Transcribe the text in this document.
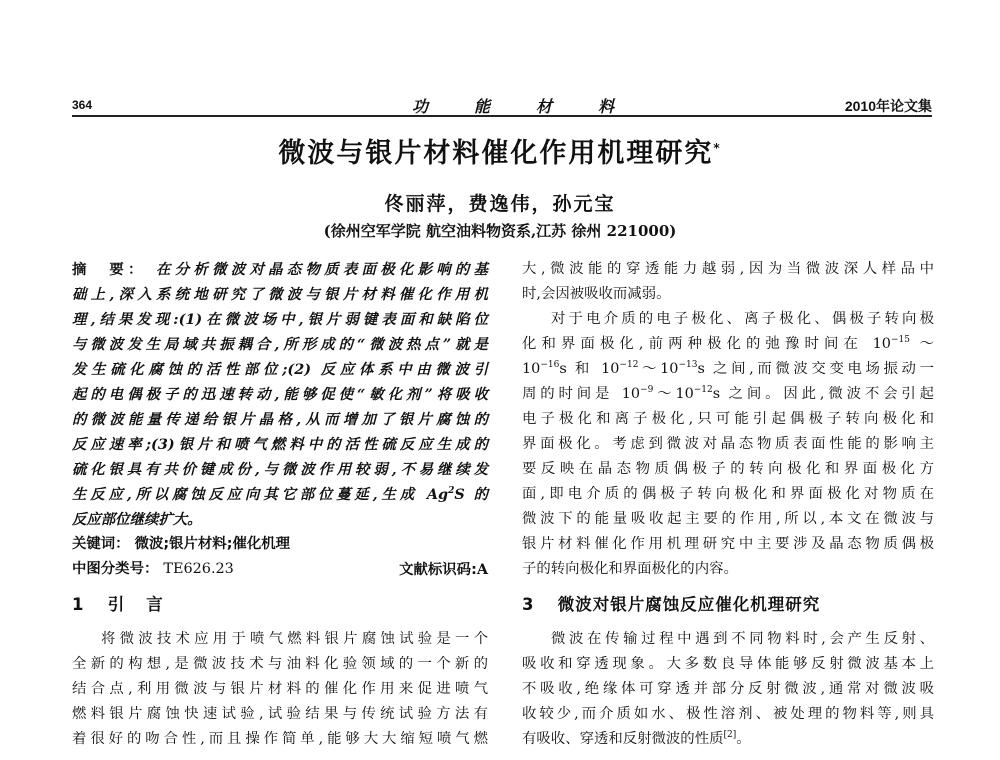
364	功能材料	2010年论文集
微波与银片材料催化作用机理研究*
佟丽萍，费逸伟，孙元宝
(徐州空军学院 航空油料物资系,江苏 徐州 221000)
摘　要： 在分析微波对晶态物质表面极化影响的基
础上,深入系统地研究了微波与银片材料催化作用机
理,结果发现:(1)在微波场中,银片弱键表面和缺陷位
与微波发生局域共振耦合,所形成的“微波热点”就是
发生硫化腐蚀的活性部位;(2) 反应体系中由微波引
起的电偶极子的迅速转动,能够促使“敏化剂”将吸收
的微波能量传递给银片晶格,从而增加了银片腐蚀的
反应速率;(3)银片和喷气燃料中的活性硫反应生成的
硫化银具有共价键成份,与微波作用较弱,不易继续发
生反应,所以腐蚀反应向其它部位蔓延,生成 Ag$^2$S 的
反应部位继续扩大。
关键词： 微波;银片材料;催化机理
中图分类号： TE626.23	文献标识码:A
1 引言
将微波技术应用于喷气燃料银片腐蚀试验是一个
全新的构想,是微波技术与油料化验领域的一个新的
结合点,利用微波与银片材料的催化作用来促进喷气
燃料银片腐蚀快速试验,试验结果与传统试验方法有
着很好的吻合性,而且操作简单,能够大大缩短喷气燃
大,微波能的穿透能力越弱,因为当微波深人样品中
时,会因被吸收而减弱。
对于电介质的电子极化、离子极化、偶极子转向极
化和界面极化,前两种极化的弛豫时间在 $10^{-15}$ ～
$10^{-16}s$ 和 $10^{-12}\sim 10^{-13}s$ 之间,而微波交变电场振动一
周的时间是 $10^{-9}\sim 10^{-12}s$ 之间。因此,微波不会引起
电子极化和离子极化,只可能引起偶极子转向极化和
界面极化。考虑到微波对晶态物质表面性能的影响主
要反映在晶态物质偶极子的转向极化和界面极化方
面,即电介质的偶极子转向极化和界面极化对物质在
微波下的能量吸收起主要的作用,所以,本文在微波与
银片材料催化作用机理研究中主要涉及晶态物质偶极
子的转向极化和界面极化的内容。
3 微波对银片腐蚀反应催化机理研究
微波在传输过程中遇到不同物料时,会产生反射、
吸收和穿透现象。大多数良导体能够反射微波基本上
不吸收,绝缘体可穿透并部分反射微波,通常对微波吸
收较少,而介质如水、极性溶剂、被处理的物料等,则具
有吸收、穿透和反射微波的性质[2]。
